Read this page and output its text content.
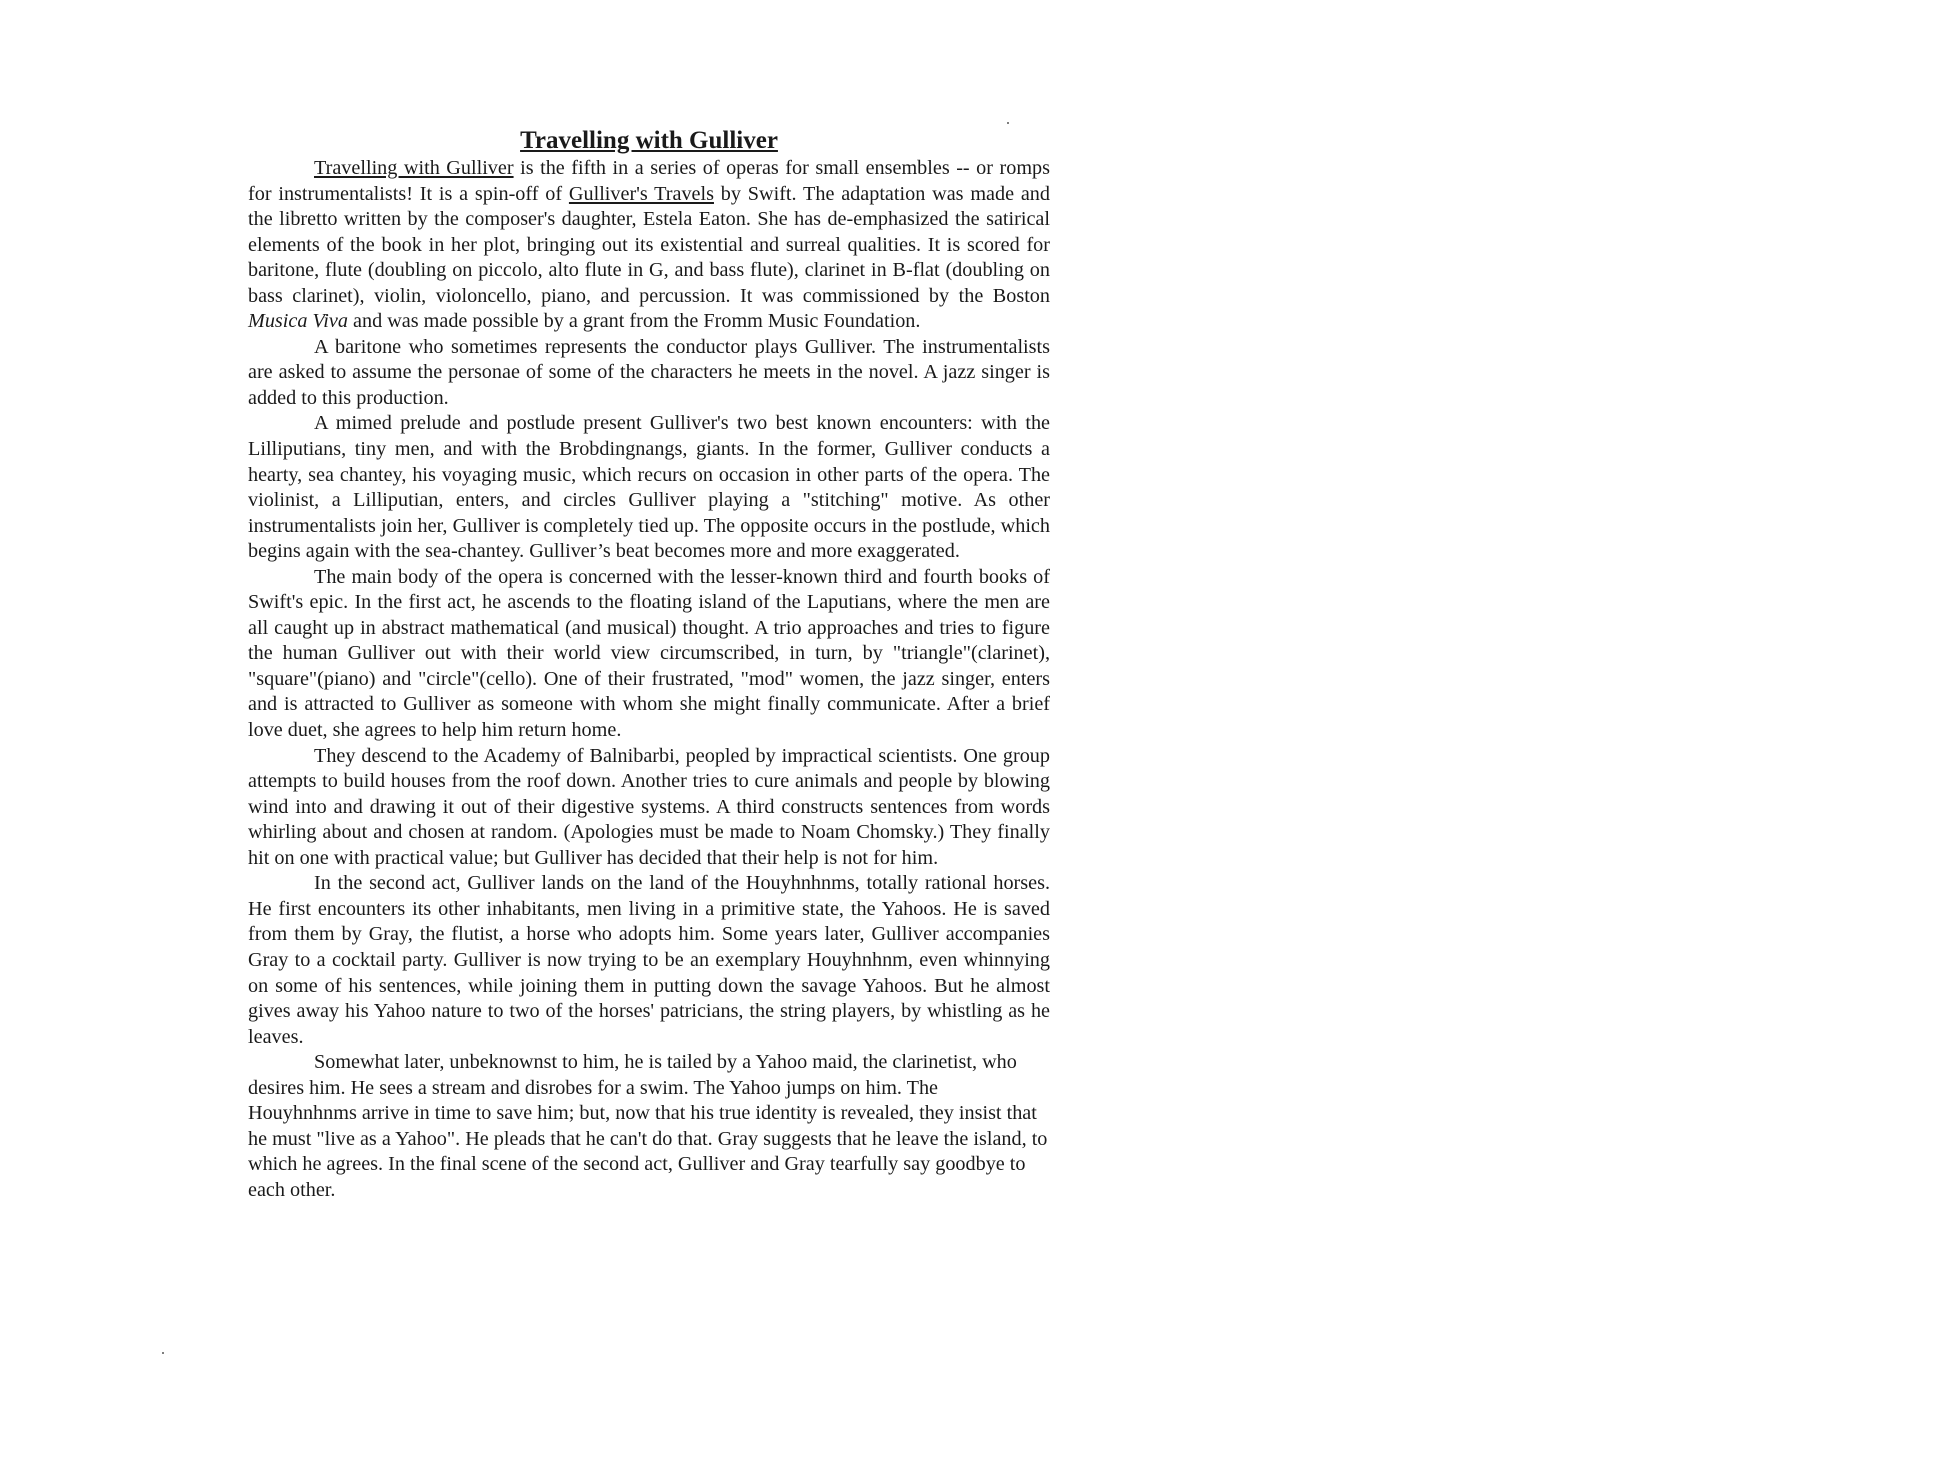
Travelling with Gulliver

Travelling with Gulliver is the fifth in a series of operas for small ensembles -- or romps for instrumentalists! It is a spin-off of Gulliver's Travels by Swift. The adaptation was made and the libretto written by the composer's daughter, Estela Eaton. She has de-emphasized the satirical elements of the book in her plot, bringing out its existential and surreal qualities. It is scored for baritone, flute (doubling on piccolo, alto flute in G, and bass flute), clarinet in B-flat (doubling on bass clarinet), violin, violoncello, piano, and percussion. It was commissioned by the Boston Musica Viva and was made possible by a grant from the Fromm Music Foundation.

A baritone who sometimes represents the conductor plays Gulliver. The instrumentalists are asked to assume the personae of some of the characters he meets in the novel. A jazz singer is added to this production.

A mimed prelude and postlude present Gulliver's two best known encounters: with the Lilliputians, tiny men, and with the Brobdingnangs, giants. In the former, Gulliver conducts a hearty, sea chantey, his voyaging music, which recurs on occasion in other parts of the opera. The violinist, a Lilliputian, enters, and circles Gulliver playing a "stitching" motive. As other instrumentalists join her, Gulliver is completely tied up. The opposite occurs in the postlude, which begins again with the sea-chantey. Gulliver’s beat becomes more and more exaggerated.

The main body of the opera is concerned with the lesser-known third and fourth books of Swift's epic. In the first act, he ascends to the floating island of the Laputians, where the men are all caught up in abstract mathematical (and musical) thought. A trio approaches and tries to figure the human Gulliver out with their world view circumscribed, in turn, by "triangle"(clarinet), "square"(piano) and "circle"(cello). One of their frustrated, "mod" women, the jazz singer, enters and is attracted to Gulliver as someone with whom she might finally communicate. After a brief love duet, she agrees to help him return home.

They descend to the Academy of Balnibarbi, peopled by impractical scientists. One group attempts to build houses from the roof down. Another tries to cure animals and people by blowing wind into and drawing it out of their digestive systems. A third constructs sentences from words whirling about and chosen at random. (Apologies must be made to Noam Chomsky.) They finally hit on one with practical value; but Gulliver has decided that their help is not for him.

In the second act, Gulliver lands on the land of the Houyhnhnms, totally rational horses. He first encounters its other inhabitants, men living in a primitive state, the Yahoos. He is saved from them by Gray, the flutist, a horse who adopts him. Some years later, Gulliver accompanies Gray to a cocktail party. Gulliver is now trying to be an exemplary Houyhnhnm, even whinnying on some of his sentences, while joining them in putting down the savage Yahoos. But he almost gives away his Yahoo nature to two of the horses' patricians, the string players, by whistling as he leaves.

Somewhat later, unbeknownst to him, he is tailed by a Yahoo maid, the clarinetist, who desires him. He sees a stream and disrobes for a swim. The Yahoo jumps on him. The Houyhnhnms arrive in time to save him; but, now that his true identity is revealed, they insist that he must "live as a Yahoo". He pleads that he can't do that. Gray suggests that he leave the island, to which he agrees. In the final scene of the second act, Gulliver and Gray tearfully say goodbye to each other.
